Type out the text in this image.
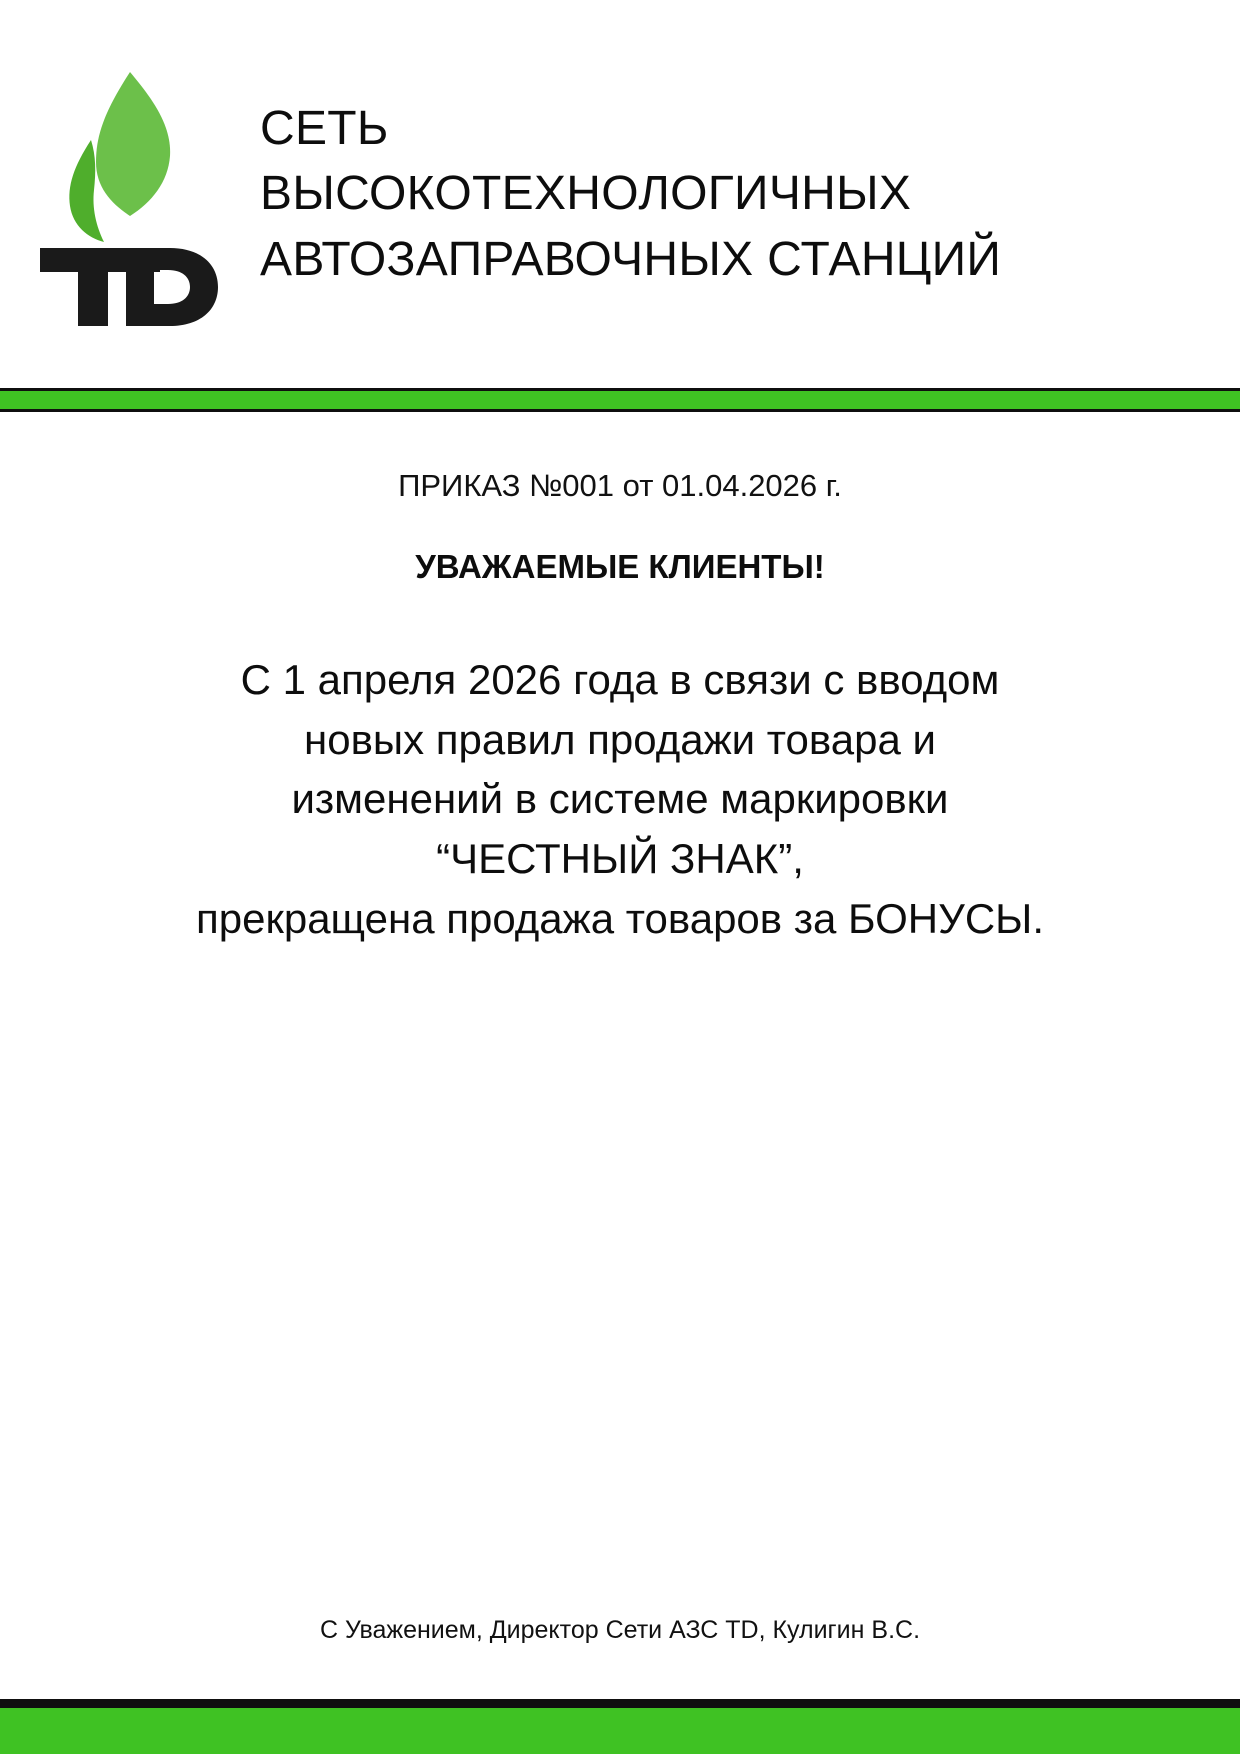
СЕТЬ
ВЫСОКОТЕХНОЛОГИЧНЫХ
АВТОЗАПРАВОЧНЫХ СТАНЦИЙ
ПРИКАЗ №001 от 01.04.2026 г.
УВАЖАЕМЫЕ КЛИЕНТЫ!
С 1 апреля 2026 года в связи с вводом
новых правил продажи товара и
изменений в системе маркировки
“ЧЕСТНЫЙ ЗНАК”,
прекращена продажа товаров за БОНУСЫ.
С Уважением, Директор Сети АЗС TD, Кулигин В.С.
